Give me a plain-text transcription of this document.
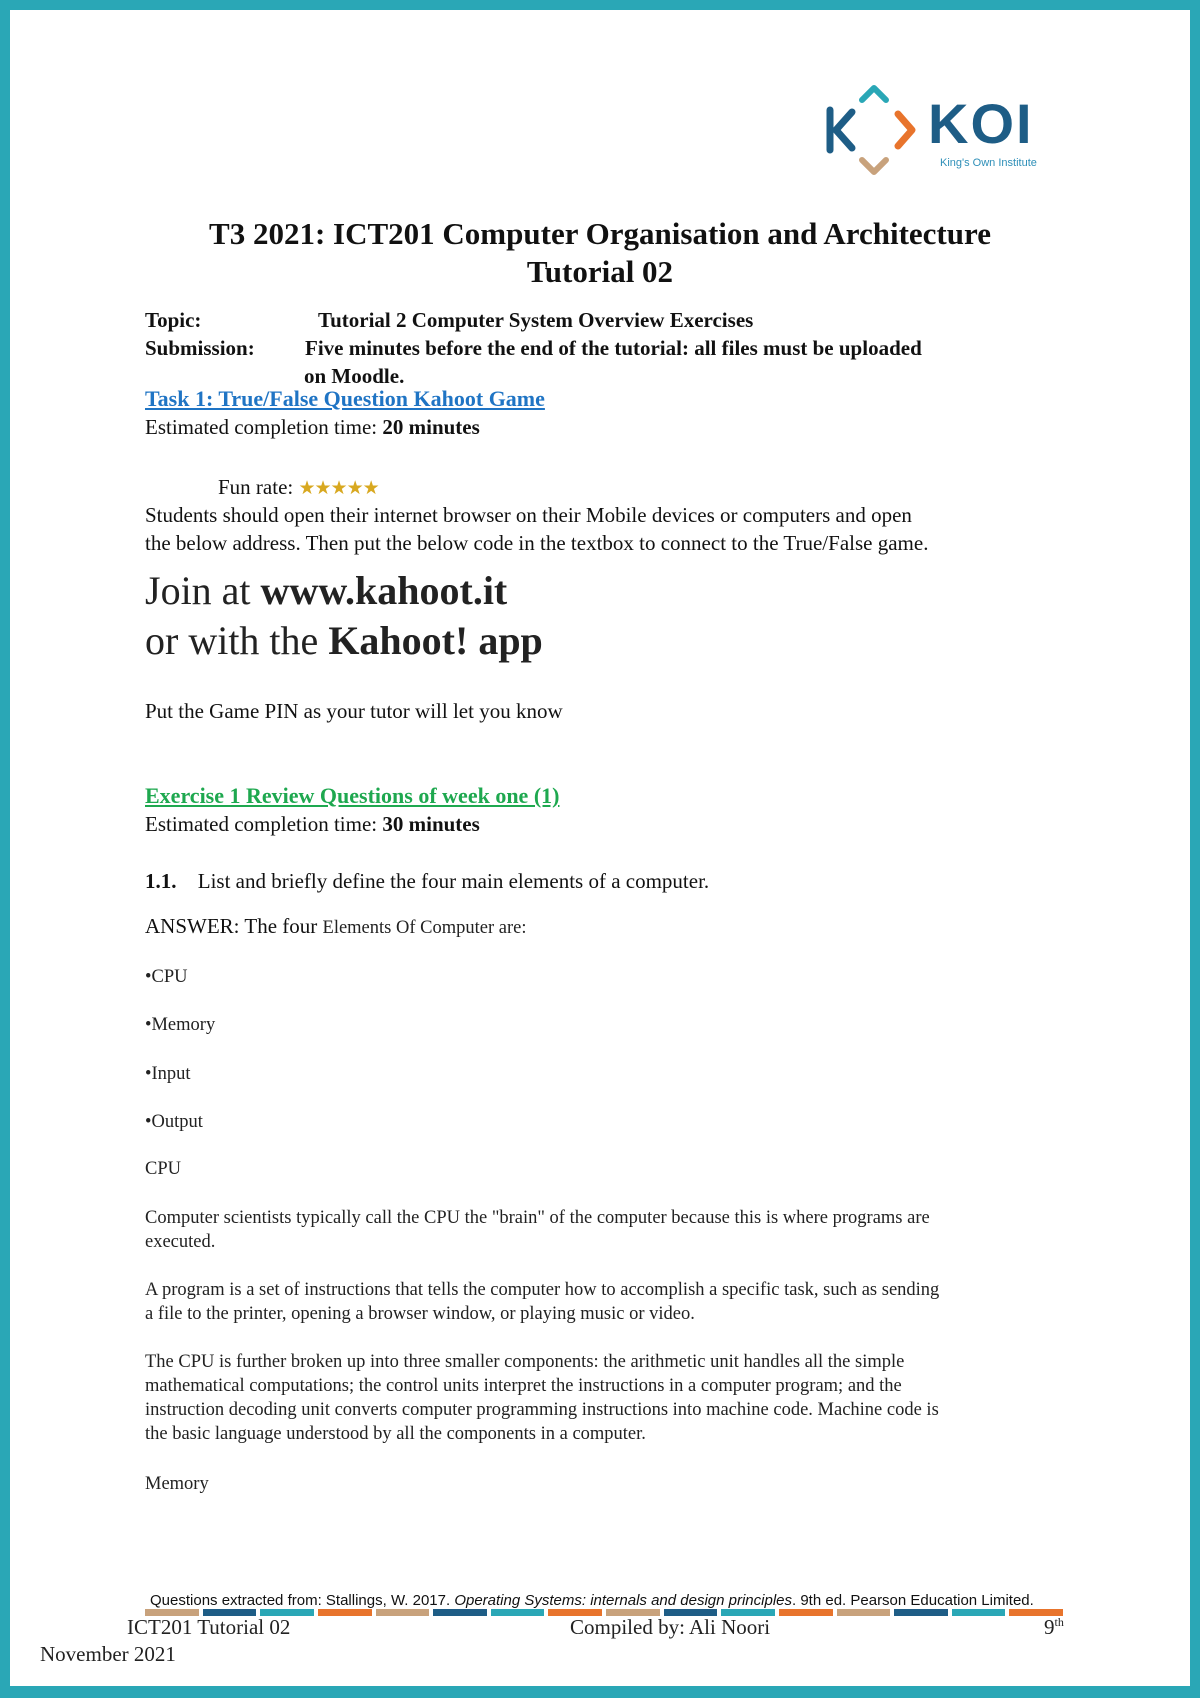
KOI
King's Own Institute
T3 2021: ICT201 Computer Organisation and Architecture
Tutorial 02
Topic:	Tutorial 2 Computer System Overview Exercises
Submission: Five minutes before the end of the tutorial: all files must be uploaded
on Moodle.
Task 1: True/False Question Kahoot Game
Estimated completion time: 20 minutes
Fun rate: ★★★★★
Students should open their internet browser on their Mobile devices or computers and open
the below address. Then put the below code in the textbox to connect to the True/False game.
Join at www.kahoot.it
or with the Kahoot! app
Put the Game PIN as your tutor will let you know
Exercise 1 Review Questions of week one (1)
Estimated completion time: 30 minutes
1.1. List and briefly define the four main elements of a computer.
ANSWER: The four Elements Of Computer are:
•CPU
•Memory
•Input
•Output
CPU
Computer scientists typically call the CPU the "brain" of the computer because this is where programs are
executed.
A program is a set of instructions that tells the computer how to accomplish a specific task, such as sending
a file to the printer, opening a browser window, or playing music or video.
The CPU is further broken up into three smaller components: the arithmetic unit handles all the simple
mathematical computations; the control units interpret the instructions in a computer program; and the
instruction decoding unit converts computer programming instructions into machine code. Machine code is
the basic language understood by all the components in a computer.
Memory
Questions extracted from: Stallings, W. 2017. Operating Systems: internals and design principles. 9th ed. Pearson Education Limited.
ICT201 Tutorial 02	Compiled by: Ali Noori	9th
November 2021
